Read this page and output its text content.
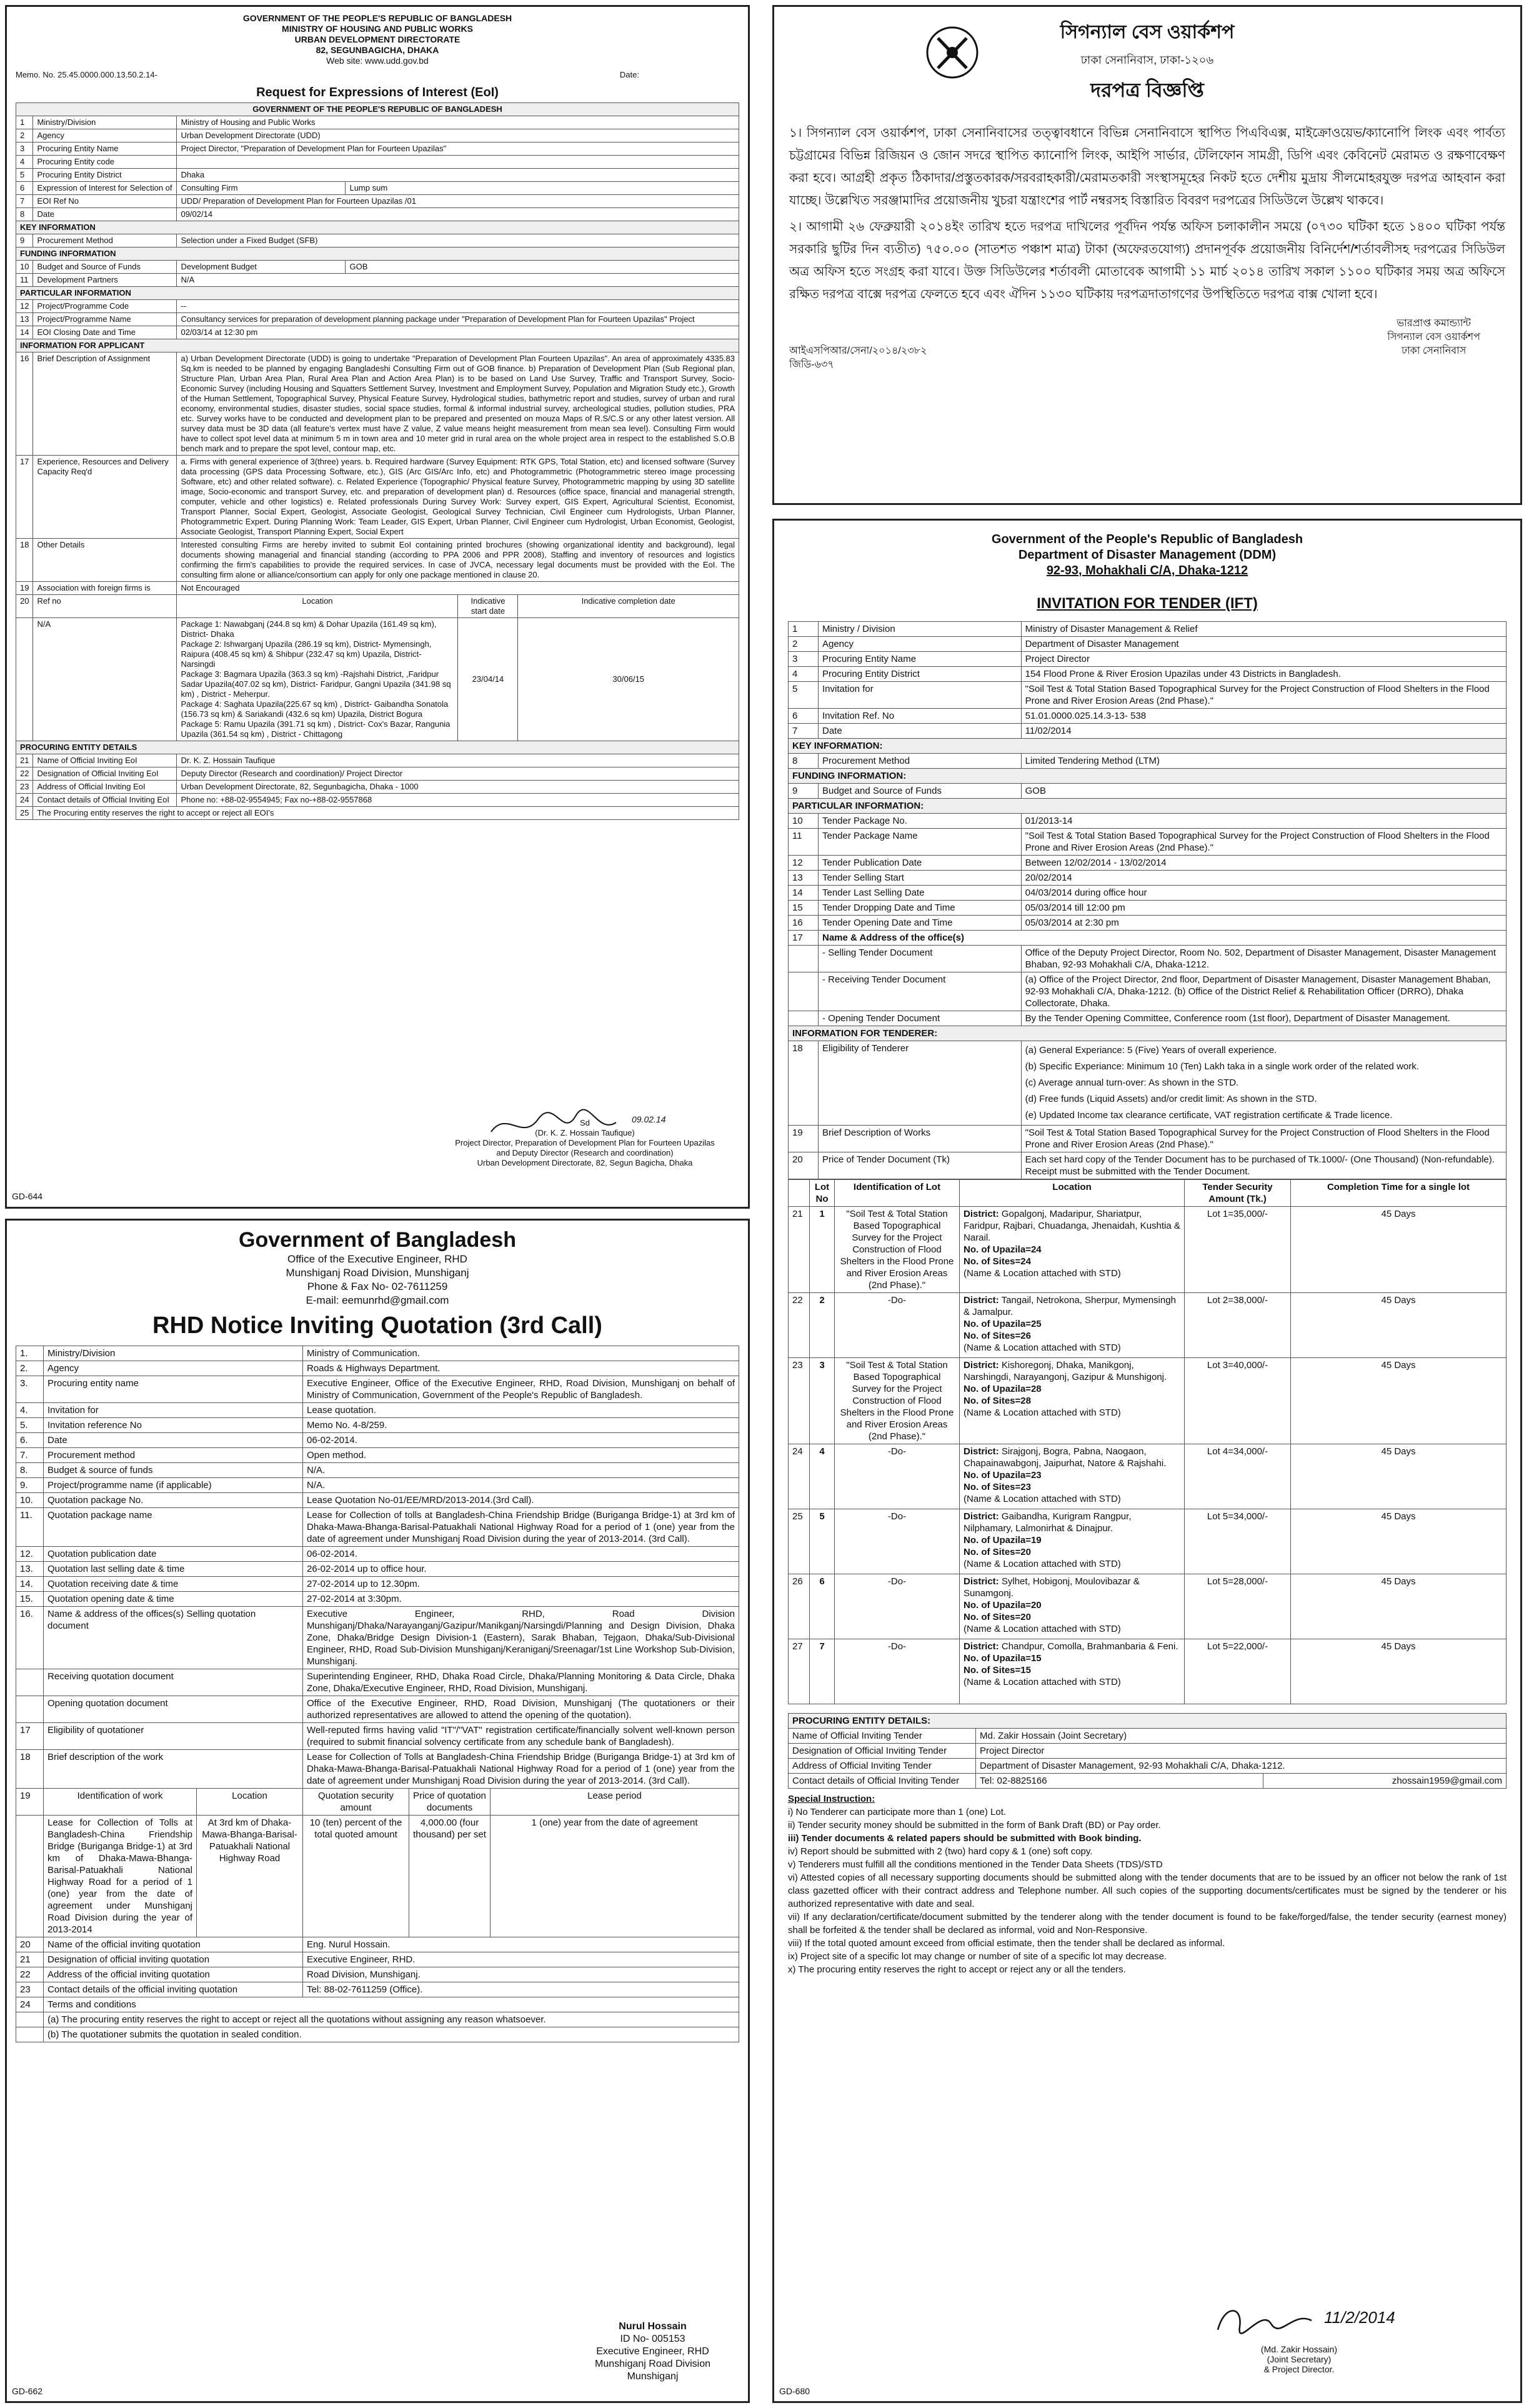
GOVERNMENT OF THE PEOPLE'S REPUBLIC OF BANGLADESH
MINISTRY OF HOUSING AND PUBLIC WORKS
URBAN DEVELOPMENT DIRECTORATE
82, SEGUNBAGICHA, DHAKA
Web site: www.udd.gov.bd
Memo. No. 25.45.0000.000.13.50.2.14-	Date:
Request for Expressions of Interest (EoI)
GOVERNMENT OF THE PEOPLE'S REPUBLIC OF BANGLADESH					
1	Ministry/Division	Ministry of Housing and Public Works			
2	Agency	Urban Development Directorate (UDD)			
3	Procuring Entity Name	Project Director, "Preparation of Development Plan for Fourteen Upazilas"			
4	Procuring Entity code				
5	Procuring Entity District	Dhaka			
6	Expression of Interest for Selection of	Consulting Firm	Lump sum		
7	EOI Ref No	UDD/ Preparation of Development Plan for Fourteen Upazilas /01			
8	Date	09/02/14			
KEY INFORMATION					
9	Procurement Method	Selection under a Fixed Budget (SFB)			
FUNDING INFORMATION					
10	Budget and Source of Funds	Development Budget	GOB		
11	Development Partners	N/A			
PARTICULAR INFORMATION					
12	Project/Programme Code	--			
13	Project/Programme Name	Consultancy services for preparation of development planning package under "Preparation of Development Plan for Fourteen Upazilas" Project			
14	EOI Closing Date and Time	02/03/14 at 12:30 pm			
INFORMATION FOR APPLICANT					
16	Brief Description of Assignment	a) Urban Development Directorate (UDD) is going to undertake "Preparation of Development Plan Fourteen Upazilas". An area of approximately 4335.83 Sq.km is needed to be planned by engaging Bangladeshi Consulting Firm out of GOB finance. b) Preparation of Development Plan (Sub Regional plan, Structure Plan, Urban Area Plan, Rural Area Plan and Action Area Plan) is to be based on Land Use Survey, Traffic and Transport Survey, Socio-Economic Survey (including Housing and Squatters Settlement Survey, Investment and Employment Survey, Population and Migration Study etc.), Growth of the Human Settlement, Topographical Survey, Physical Feature Survey, Hydrological studies, bathymetric report and studies, survey of urban and rural economy, environmental studies, disaster studies, social space studies, formal & informal industrial survey, archeological studies, pollution studies, PRA etc. Survey works have to be conducted and development plan to be prepared and presented on mouza Maps of R.S/C.S or any other latest version. All survey data must be 3D data (all feature's vertex must have Z value, Z value means height measurement from mean sea level). Consulting Firm would have to collect spot level data at minimum 5 m in town area and 10 meter grid in rural area on the whole project area in respect to the established S.O.B bench mark and to prepare the spot level, contour map, etc.			
17	Experience, Resources and Delivery Capacity Req'd	a. Firms with general experience of 3(three) years. b. Required hardware (Survey Equipment: RTK GPS, Total Station, etc) and licensed software (Survey data processing (GPS data Processing Software, etc.), GIS (Arc GIS/Arc Info, etc) and Photogrammetric (Photogrammetric stereo image processing Software, etc) and other related software). c. Related Experience (Topographic/ Physical feature Survey, Photogrammetric mapping by using 3D satellite image, Socio-economic and transport Survey, etc. and preparation of development plan) d. Resources (office space, financial and managerial strength, computer, vehicle and other logistics) e. Related professionals During Survey Work: Survey expert, GIS Expert, Agricultural Scientist, Economist, Transport Planner, Social Expert, Geologist, Associate Geologist, Geological Survey Technician, Civil Engineer cum Hydrologists, Urban Planner, Photogrammetric Expert. During Planning Work: Team Leader, GIS Expert, Urban Planner, Civil Engineer cum Hydrologist, Urban Economist, Geologist, Associate Geologist, Transport Planning Expert, Social Expert			
18	Other Details	Interested consulting Firms are hereby invited to submit EoI containing printed brochures (showing organizational identity and background), legal documents showing managerial and financial standing (according to PPA 2006 and PPR 2008), Staffing and inventory of resources and logistics confirming the firm's capabilities to provide the required services. In case of JVCA, necessary legal documents must be provided with the EoI. The consulting firm alone or alliance/consortium can apply for only one package mentioned in clause 20.			
19	Association with foreign firms is	Not Encouraged			
20	Ref no	Location		Indicative start date	Indicative completion date
	N/A	Package 1: Nawabganj (244.8 sq km) & Dohar Upazila (161.49 sq km), District- Dhaka
Package 2: Ishwarganj Upazila (286.19 sq km), District- Mymensingh, Raipura (408.45 sq km) & Shibpur (232.47 sq km) Upazila, District- Narsingdi
Package 3: Bagmara Upazila (363.3 sq km) -Rajshahi District, ,Faridpur Sadar Upazila(407.02 sq km), District- Faridpur, Gangni Upazila (341.98 sq km) , District - Meherpur.
Package 4: Saghata Upazila(225.67 sq km) , District- Gaibandha Sonatola (156.73 sq km) & Sariakandi (432.6 sq km) Upazila, District Bogura
Package 5: Ramu Upazila (391.71 sq km) , District- Cox's Bazar, Rangunia Upazila (361.54 sq km) , District - Chittagong		23/04/14	30/06/15
PROCURING ENTITY DETAILS					
21	Name of Official Inviting EoI	Dr. K. Z. Hossain Taufique			
22	Designation of Official Inviting EoI	Deputy Director (Research and coordination)/ Project Director			
23	Address of Official Inviting EoI	Urban Development Directorate, 82, Segunbagicha, Dhaka - 1000			
24	Contact details of Official Inviting EoI	Phone no: +88-02-9554945; Fax no-+88-02-9557868			
25	The Procuring entity reserves the right to accept or reject all EOI's				
Sd
(Dr. K. Z. Hossain Taufique)
Project Director, Preparation of Development Plan for Fourteen Upazilas
and Deputy Director (Research and coordination)
Urban Development Directorate, 82, Segun Bagicha, Dhaka
09.02.14
GD-644
সিগন্যাল বেস ওয়ার্কশপ
ঢাকা সেনানিবাস, ঢাকা-১২০৬
দরপত্র বিজ্ঞপ্তি
১। সিগন্যাল বেস ওয়ার্কশপ, ঢাকা সেনানিবাসের তত্ত্বাবধানে বিভিন্ন সেনানিবাসে স্থাপিত পিএবিএক্স, মাইক্রোওয়েভ/ক্যানোপি লিংক এবং পার্বত্য চট্টগ্রামের বিভিন্ন রিজিয়ন ও জোন সদরে স্থাপিত ক্যানোপি লিংক, আইপি সার্ভার, টেলিফোন সামগ্রী, ডিপি এবং কেবিনেট মেরামত ও রক্ষণাবেক্ষণ করা হবে। আগ্রহী প্রকৃত ঠিকাদার/প্রস্তুতকারক/সরবরাহকারী/মেরামতকারী সংস্থাসমূহের নিকট হতে দেশীয় মুদ্রায় সীলমোহরযুক্ত দরপত্র আহবান করা যাচ্ছে। উল্লেখিত সরঞ্জামাদির প্রয়োজনীয় খুচরা যন্ত্রাংশের পার্ট নম্বরসহ বিস্তারিত বিবরণ দরপত্রের সিডিউলে উল্লেখ থাকবে।
২। আগামী ২৬ ফেব্রুয়ারী ২০১৪ইং তারিখ হতে দরপত্র দাখিলের পূর্বদিন পর্যন্ত অফিস চলাকালীন সময়ে (০৭৩০ ঘটিকা হতে ১৪০০ ঘটিকা পর্যন্ত সরকারি ছুটির দিন ব্যতীত) ৭৫০.০০ (সাতশত পঞ্চাশ মাত্র) টাকা (অফেরতযোগ্য) প্রদানপূর্বক প্রয়োজনীয় বিনির্দেশ/শর্তাবলীসহ দরপত্রের সিডিউল অত্র অফিস হতে সংগ্রহ করা যাবে। উক্ত সিডিউলের শর্তাবলী মোতাবেক আগামী ১১ মার্চ ২০১৪ তারিখ সকাল ১১০০ ঘটিকার সময় অত্র অফিসে রক্ষিত দরপত্র বাক্সে দরপত্র ফেলতে হবে এবং ঐদিন ১১৩০ ঘটিকায় দরপত্রদাতাগণের উপস্থিতিতে দরপত্র বাক্স খোলা হবে।
আইএসপিআর/সেনা/২০১৪/২৩৮২
জিডি-৬৩৭
ভারপ্রাপ্ত কমান্ড্যান্ট
সিগন্যাল বেস ওয়ার্কশপ
ঢাকা সেনানিবাস
Government of Bangladesh
Office of the Executive Engineer, RHD
Munshiganj Road Division, Munshiganj
Phone & Fax No- 02-7611259
E-mail: eemunrhd@gmail.com
RHD Notice Inviting Quotation (3rd Call)
1.	Ministry/Division		Ministry of Communication.		
2.	Agency		Roads & Highways Department.		
3.	Procuring entity name		Executive Engineer, Office of the Executive Engineer, RHD, Road Division, Munshiganj on behalf of Ministry of Communication, Government of the People's Republic of Bangladesh.		
4.	Invitation for		Lease quotation.		
5.	Invitation reference No		Memo No. 4-8/259.		
6.	Date		06-02-2014.		
7.	Procurement method		Open method.		
8.	Budget & source of funds		N/A.		
9.	Project/programme name (if applicable)		N/A.		
10.	Quotation package No.		Lease Quotation No-01/EE/MRD/2013-2014.(3rd Call).		
11.	Quotation package name		Lease for Collection of tolls at Bangladesh-China Friendship Bridge (Buriganga Bridge-1) at 3rd km of Dhaka-Mawa-Bhanga-Barisal-Patuakhali National Highway Road for a period of 1 (one) year from the date of agreement under Munshiganj Road Division during the year of 2013-2014. (3rd Call).		
12.	Quotation publication date		06-02-2014.		
13.	Quotation last selling date & time		26-02-2014 up to office hour.		
14.	Quotation receiving date & time		27-02-2014 up to 12.30pm.		
15.	Quotation opening date & time		27-02-2014 at 3:30pm.		
16.	Name & address of the offices(s) Selling quotation document		Executive Engineer, RHD, Road Division Munshiganj/Dhaka/Narayanganj/Gazipur/Manikganj/Narsingdi/Planning and Design Division, Dhaka Zone, Dhaka/Bridge Design Division-1 (Eastern), Sarak Bhaban, Tejgaon, Dhaka/Sub-Divisional Engineer, RHD, Road Sub-Division Munshiganj/Keraniganj/Sreenagar/1st Line Workshop Sub-Division, Munshiganj.		
	Receiving quotation document		Superintending Engineer, RHD, Dhaka Road Circle, Dhaka/Planning Monitoring & Data Circle, Dhaka Zone, Dhaka/Executive Engineer, RHD, Road Division, Munshiganj.		
	Opening quotation document		Office of the Executive Engineer, RHD, Road Division, Munshiganj (The quotationers or their authorized representatives are allowed to attend the opening of the quotation).		
17	Eligibility of quotationer		Well-reputed firms having valid "IT"/"VAT" registration certificate/financially solvent well-known person (required to submit financial solvency certificate from any schedule bank of Bangladesh).		
18	Brief description of the work		Lease for Collection of Tolls at Bangladesh-China Friendship Bridge (Buriganga Bridge-1) at 3rd km of Dhaka-Mawa-Bhanga-Barisal-Patuakhali National Highway Road for a period of 1 (one) year from the date of agreement under Munshiganj Road Division during the year of 2013-2014. (3rd Call).		
19	Identification of work	Location	Quotation security amount	Price of quotation documents	Lease period
	Lease for Collection of Tolls at Bangladesh-China Friendship Bridge (Buriganga Bridge-1) at 3rd km of Dhaka-Mawa-Bhanga-Barisal-Patuakhali National Highway Road for a period of 1 (one) year from the date of agreement under Munshiganj Road Division during the year of 2013-2014	At 3rd km of Dhaka-Mawa-Bhanga-Barisal-Patuakhali National Highway Road	10 (ten) percent of the total quoted amount	4,000.00 (four thousand) per set	1 (one) year from the date of agreement
20	Name of the official inviting quotation		Eng. Nurul Hossain.		
21	Designation of official inviting quotation		Executive Engineer, RHD.		
22	Address of the official inviting quotation		Road Division, Munshiganj.		
23	Contact details of the official inviting quotation		Tel: 88-02-7611259 (Office).		
24	Terms and conditions				
	(a) The procuring entity reserves the right to accept or reject all the quotations without assigning any reason whatsoever.				
	(b) The quotationer submits the quotation in sealed condition.				
Nurul Hossain
ID No- 005153
Executive Engineer, RHD
Munshiganj Road Division
Munshiganj
GD-662
Government of the People's Republic of Bangladesh
Department of Disaster Management (DDM)
92-93, Mohakhali C/A, Dhaka-1212
INVITATION FOR TENDER (IFT)
1	Ministry / Division	Ministry of Disaster Management & Relief
2	Agency	Department of Disaster Management
3	Procuring Entity Name	Project Director
4	Procuring Entity District	154 Flood Prone & River Erosion Upazilas under 43 Districts in Bangladesh.
5	Invitation for	"Soil Test & Total Station Based Topographical Survey for the Project Construction of Flood Shelters in the Flood Prone and River Erosion Areas (2nd Phase)."
6	Invitation Ref. No	51.01.0000.025.14.3-13- 538
7	Date	11/02/2014
KEY INFORMATION:		
8	Procurement Method	Limited Tendering Method (LTM)
FUNDING INFORMATION:		
9	Budget and Source of Funds	GOB
PARTICULAR INFORMATION:		
10	Tender Package No.	01/2013-14
11	Tender Package Name	"Soil Test & Total Station Based Topographical Survey for the Project Construction of Flood Shelters in the Flood Prone and River Erosion Areas (2nd Phase)."
12	Tender Publication Date	Between 12/02/2014 - 13/02/2014
13	Tender Selling Start	20/02/2014
14	Tender Last Selling Date	04/03/2014 during office hour
15	Tender Dropping Date and Time	05/03/2014 till 12:00 pm
16	Tender Opening Date and Time	05/03/2014 at 2:30 pm
17	Name & Address of the office(s)	
	- Selling Tender Document	Office of the Deputy Project Director, Room No. 502, Department of Disaster Management, Disaster Management Bhaban, 92-93 Mohakhali C/A, Dhaka-1212.
	- Receiving Tender Document	(a) Office of the Project Director, 2nd floor, Department of Disaster Management, Disaster Management Bhaban, 92-93 Mohakhali C/A, Dhaka-1212. (b) Office of the District Relief & Rehabilitation Officer (DRRO), Dhaka Collectorate, Dhaka.
	- Opening Tender Document	By the Tender Opening Committee, Conference room (1st floor), Department of Disaster Management.
INFORMATION FOR TENDERER:		
18	Eligibility of Tenderer	(a) General Experiance: 5 (Five) Years of overall experience.
(b) Specific Experiance: Minimum 10 (Ten) Lakh taka in a single work order of the related work.
(c) Average annual turn-over: As shown in the STD.
(d) Free funds (Liquid Assets) and/or credit limit: As shown in the STD.
(e) Updated Income tax clearance certificate, VAT registration certificate & Trade licence.

19	Brief Description of Works	"Soil Test & Total Station Based Topographical Survey for the Project Construction of Flood Shelters in the Flood Prone and River Erosion Areas (2nd Phase)."
20	Price of Tender Document (Tk)	Each set hard copy of the Tender Document has to be purchased of Tk.1000/- (One Thousand) (Non-refundable). Receipt must be submitted with the Tender Document.
	Lot No	Identification of Lot	Location	Tender Security Amount (Tk.)	Completion Time for a single lot
21	1	"Soil Test & Total Station Based Topographical Survey for the Project Construction of Flood Shelters in the Flood Prone and River Erosion Areas (2nd Phase)."	District: Gopalgonj, Madaripur, Shariatpur, Faridpur, Rajbari, Chuadanga, Jhenaidah, Kushtia & Narail.
No. of Upazila=24
No. of Sites=24
(Name & Location attached with STD)	Lot 1=35,000/-	45 Days
22	2	-Do-	District: Tangail, Netrokona, Sherpur, Mymensingh & Jamalpur.
No. of Upazila=25
No. of Sites=26
(Name & Location attached with STD)	Lot 2=38,000/-	45 Days
23	3	"Soil Test & Total Station Based Topographical Survey for the Project Construction of Flood Shelters in the Flood Prone and River Erosion Areas (2nd Phase)."	District: Kishoregonj, Dhaka, Manikgonj, Narshingdi, Narayangonj, Gazipur & Munshigonj.
No. of Upazila=28
No. of Sites=28
(Name & Location attached with STD)	Lot 3=40,000/-	45 Days
24	4	-Do-	District: Sirajgonj, Bogra, Pabna, Naogaon, Chapainawabgonj, Jaipurhat, Natore & Rajshahi.
No. of Upazila=23
No. of Sites=23
(Name & Location attached with STD)	Lot 4=34,000/-	45 Days
25	5	-Do-	District: Gaibandha, Kurigram Rangpur, Nilphamary, Lalmonirhat & Dinajpur.
No. of Upazila=19
No. of Sites=20
(Name & Location attached with STD)	Lot 5=34,000/-	45 Days
26	6	-Do-	District: Sylhet, Hobigonj, Moulovibazar & Sunamgonj.
No. of Upazila=20
No. of Sites=20
(Name & Location attached with STD)	Lot 5=28,000/-	45 Days
27	7	-Do-	District: Chandpur, Comolla, Brahmanbaria & Feni.
No. of Upazila=15
No. of Sites=15
(Name & Location attached with STD)	Lot 5=22,000/-	45 Days
PROCURING ENTITY DETAILS:		
Name of Official Inviting Tender	Md. Zakir Hossain (Joint Secretary)	
Designation of Official Inviting Tender	Project Director	
Address of Official Inviting Tender	Department of Disaster Management, 92-93 Mohakhali C/A, Dhaka-1212.	
Contact details of Official Inviting Tender	Tel: 02-8825166	zhossain1959@gmail.com
Special Instruction:
i) No Tenderer can participate more than 1 (one) Lot.
ii) Tender security money should be submitted in the form of Bank Draft (BD) or Pay order.
iii) Tender documents & related papers should be submitted with Book binding.
iv) Report should be submitted with 2 (two) hard copy & 1 (one) soft copy.
v) Tenderers must fulfill all the conditions mentioned in the Tender Data Sheets (TDS)/STD
vi) Attested copies of all necessary supporting documents should be submitted along with the tender documents that are to be issued by an officer not below the rank of 1st class gazetted officer with their contract address and Telephone number. All such copies of the supporting documents/certificates must be signed by the tenderer or his authorized representative with date and seal.
vii) If any declaration/certificate/document submitted by the tenderer along with the tender document is found to be fake/forged/false, the tender security (earnest money) shall be forfeited & the tender shall be declared as informal, void and Non-Responsive.
viii) If the total quoted amount exceed from official estimate, then the tender shall be declared as informal.
ix) Project site of a specific lot may change or number of site of a specific lot may decrease.
x) The procuring entity reserves the right to accept or reject any or all the tenders.
11/2/2014
(Md. Zakir Hossain)
(Joint Secretary)
& Project Director.
GD-680
